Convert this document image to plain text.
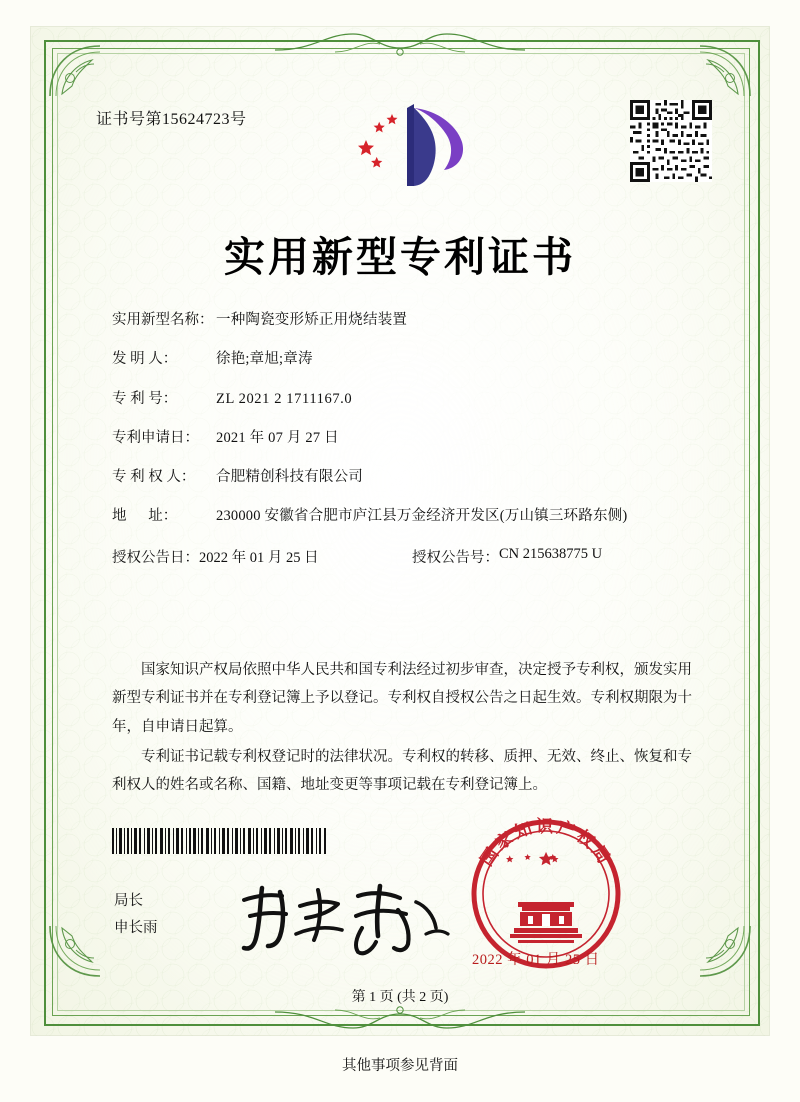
证书号第15624723号
实用新型专利证书
实用新型名称： 一种陶瓷变形矫正用烧结装置
发 明 人：	徐艳;章旭;章涛
专 利 号：	ZL 2021 2 1711167.0
专利申请日：	2021 年 07 月 27 日
专 利 权 人：	合肥精创科技有限公司
地      址：	230000 安徽省合肥市庐江县万金经济开发区(万山镇三环路东侧)
授权公告日： 2022 年 01 月 25 日	授权公告号： CN 215638775 U

国家知识产权局依照中华人民共和国专利法经过初步审查，决定授予专利权，颁发实用新型专利证书并在专利登记簿上予以登记。专利权自授权公告之日起生效。专利权期限为十年，自申请日起算。

专利证书记载专利权登记时的法律状况。专利权的转移、质押、无效、终止、恢复和专利权人的姓名或名称、国籍、地址变更等事项记载在专利登记簿上。

局长
申长雨
国家知识产权局
2022 年 01 月 25 日
第 1 页 (共 2 页)
其他事项参见背面
